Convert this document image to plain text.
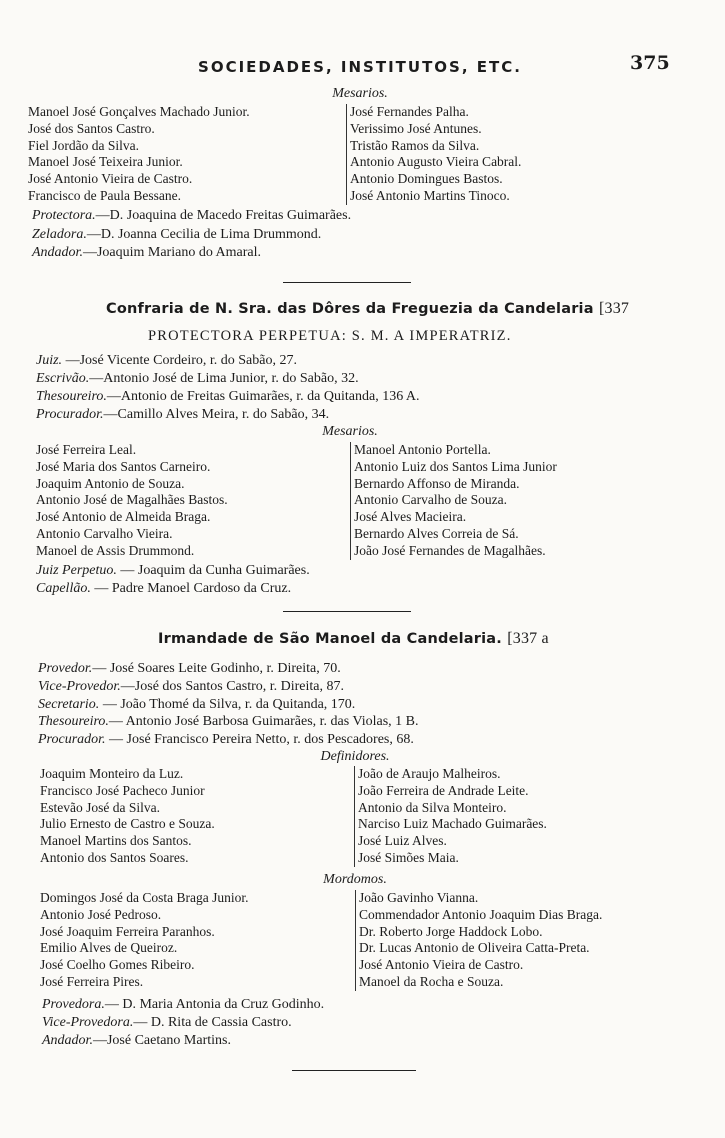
SOCIEDADES, INSTITUTOS, ETC.	375
Mesarios.
Manoel José Gonçalves Machado Junior.
José dos Santos Castro.
Fiel Jordão da Silva.
Manoel José Teixeira Junior.
José Antonio Vieira de Castro.
Francisco de Paula Bessane.
José Fernandes Palha.
Verissimo José Antunes.
Tristão Ramos da Silva.
Antonio Augusto Vieira Cabral.
Antonio Domingues Bastos.
José Antonio Martins Tinoco.
Protectora.—D. Joaquina de Macedo Freitas Guimarães.
Zeladora.—D. Joanna Cecilia de Lima Drummond.
Andador.—Joaquim Mariano do Amaral.
Confraria de N. Sra. das Dôres da Freguezia da Candelaria [337
PROTECTORA PERPETUA: S. M. A IMPERATRIZ.
Juiz. —José Vicente Cordeiro, r. do Sabão, 27.
Escrivão.—Antonio José de Lima Junior, r. do Sabão, 32.
Thesoureiro.—Antonio de Freitas Guimarães, r. da Quitanda, 136 A.
Procurador.—Camillo Alves Meira, r. do Sabão, 34.
Mesarios.
José Ferreira Leal.
José Maria dos Santos Carneiro.
Joaquim Antonio de Souza.
Antonio José de Magalhães Bastos.
José Antonio de Almeida Braga.
Antonio Carvalho Vieira.
Manoel de Assis Drummond.
Manoel Antonio Portella.
Antonio Luiz dos Santos Lima Junior
Bernardo Affonso de Miranda.
Antonio Carvalho de Souza.
José Alves Macieira.
Bernardo Alves Correia de Sá.
João José Fernandes de Magalhães.
Juiz Perpetuo. — Joaquim da Cunha Guimarães.
Capellão. — Padre Manoel Cardoso da Cruz.
Irmandade de São Manoel da Candelaria. [337 a
Provedor.— José Soares Leite Godinho, r. Direita, 70.
Vice-Provedor.—José dos Santos Castro, r. Direita, 87.
Secretario. — João Thomé da Silva, r. da Quitanda, 170.
Thesoureiro.— Antonio José Barbosa Guimarães, r. das Violas, 1 B.
Procurador. — José Francisco Pereira Netto, r. dos Pescadores, 68.
Definidores.
Joaquim Monteiro da Luz.
Francisco José Pacheco Junior
Estevão José da Silva.
Julio Ernesto de Castro e Souza.
Manoel Martins dos Santos.
Antonio dos Santos Soares.
João de Araujo Malheiros.
João Ferreira de Andrade Leite.
Antonio da Silva Monteiro.
Narciso Luiz Machado Guimarães.
José Luiz Alves.
José Simões Maia.
Mordomos.
Domingos José da Costa Braga Junior.
Antonio José Pedroso.
José Joaquim Ferreira Paranhos.
Emilio Alves de Queiroz.
José Coelho Gomes Ribeiro.
José Ferreira Pires.
João Gavinho Vianna.
Commendador Antonio Joaquim Dias Braga.
Dr. Roberto Jorge Haddock Lobo.
Dr. Lucas Antonio de Oliveira Catta-Preta.
José Antonio Vieira de Castro.
Manoel da Rocha e Souza.
Provedora.— D. Maria Antonia da Cruz Godinho.
Vice-Provedora.— D. Rita de Cassia Castro.
Andador.—José Caetano Martins.
